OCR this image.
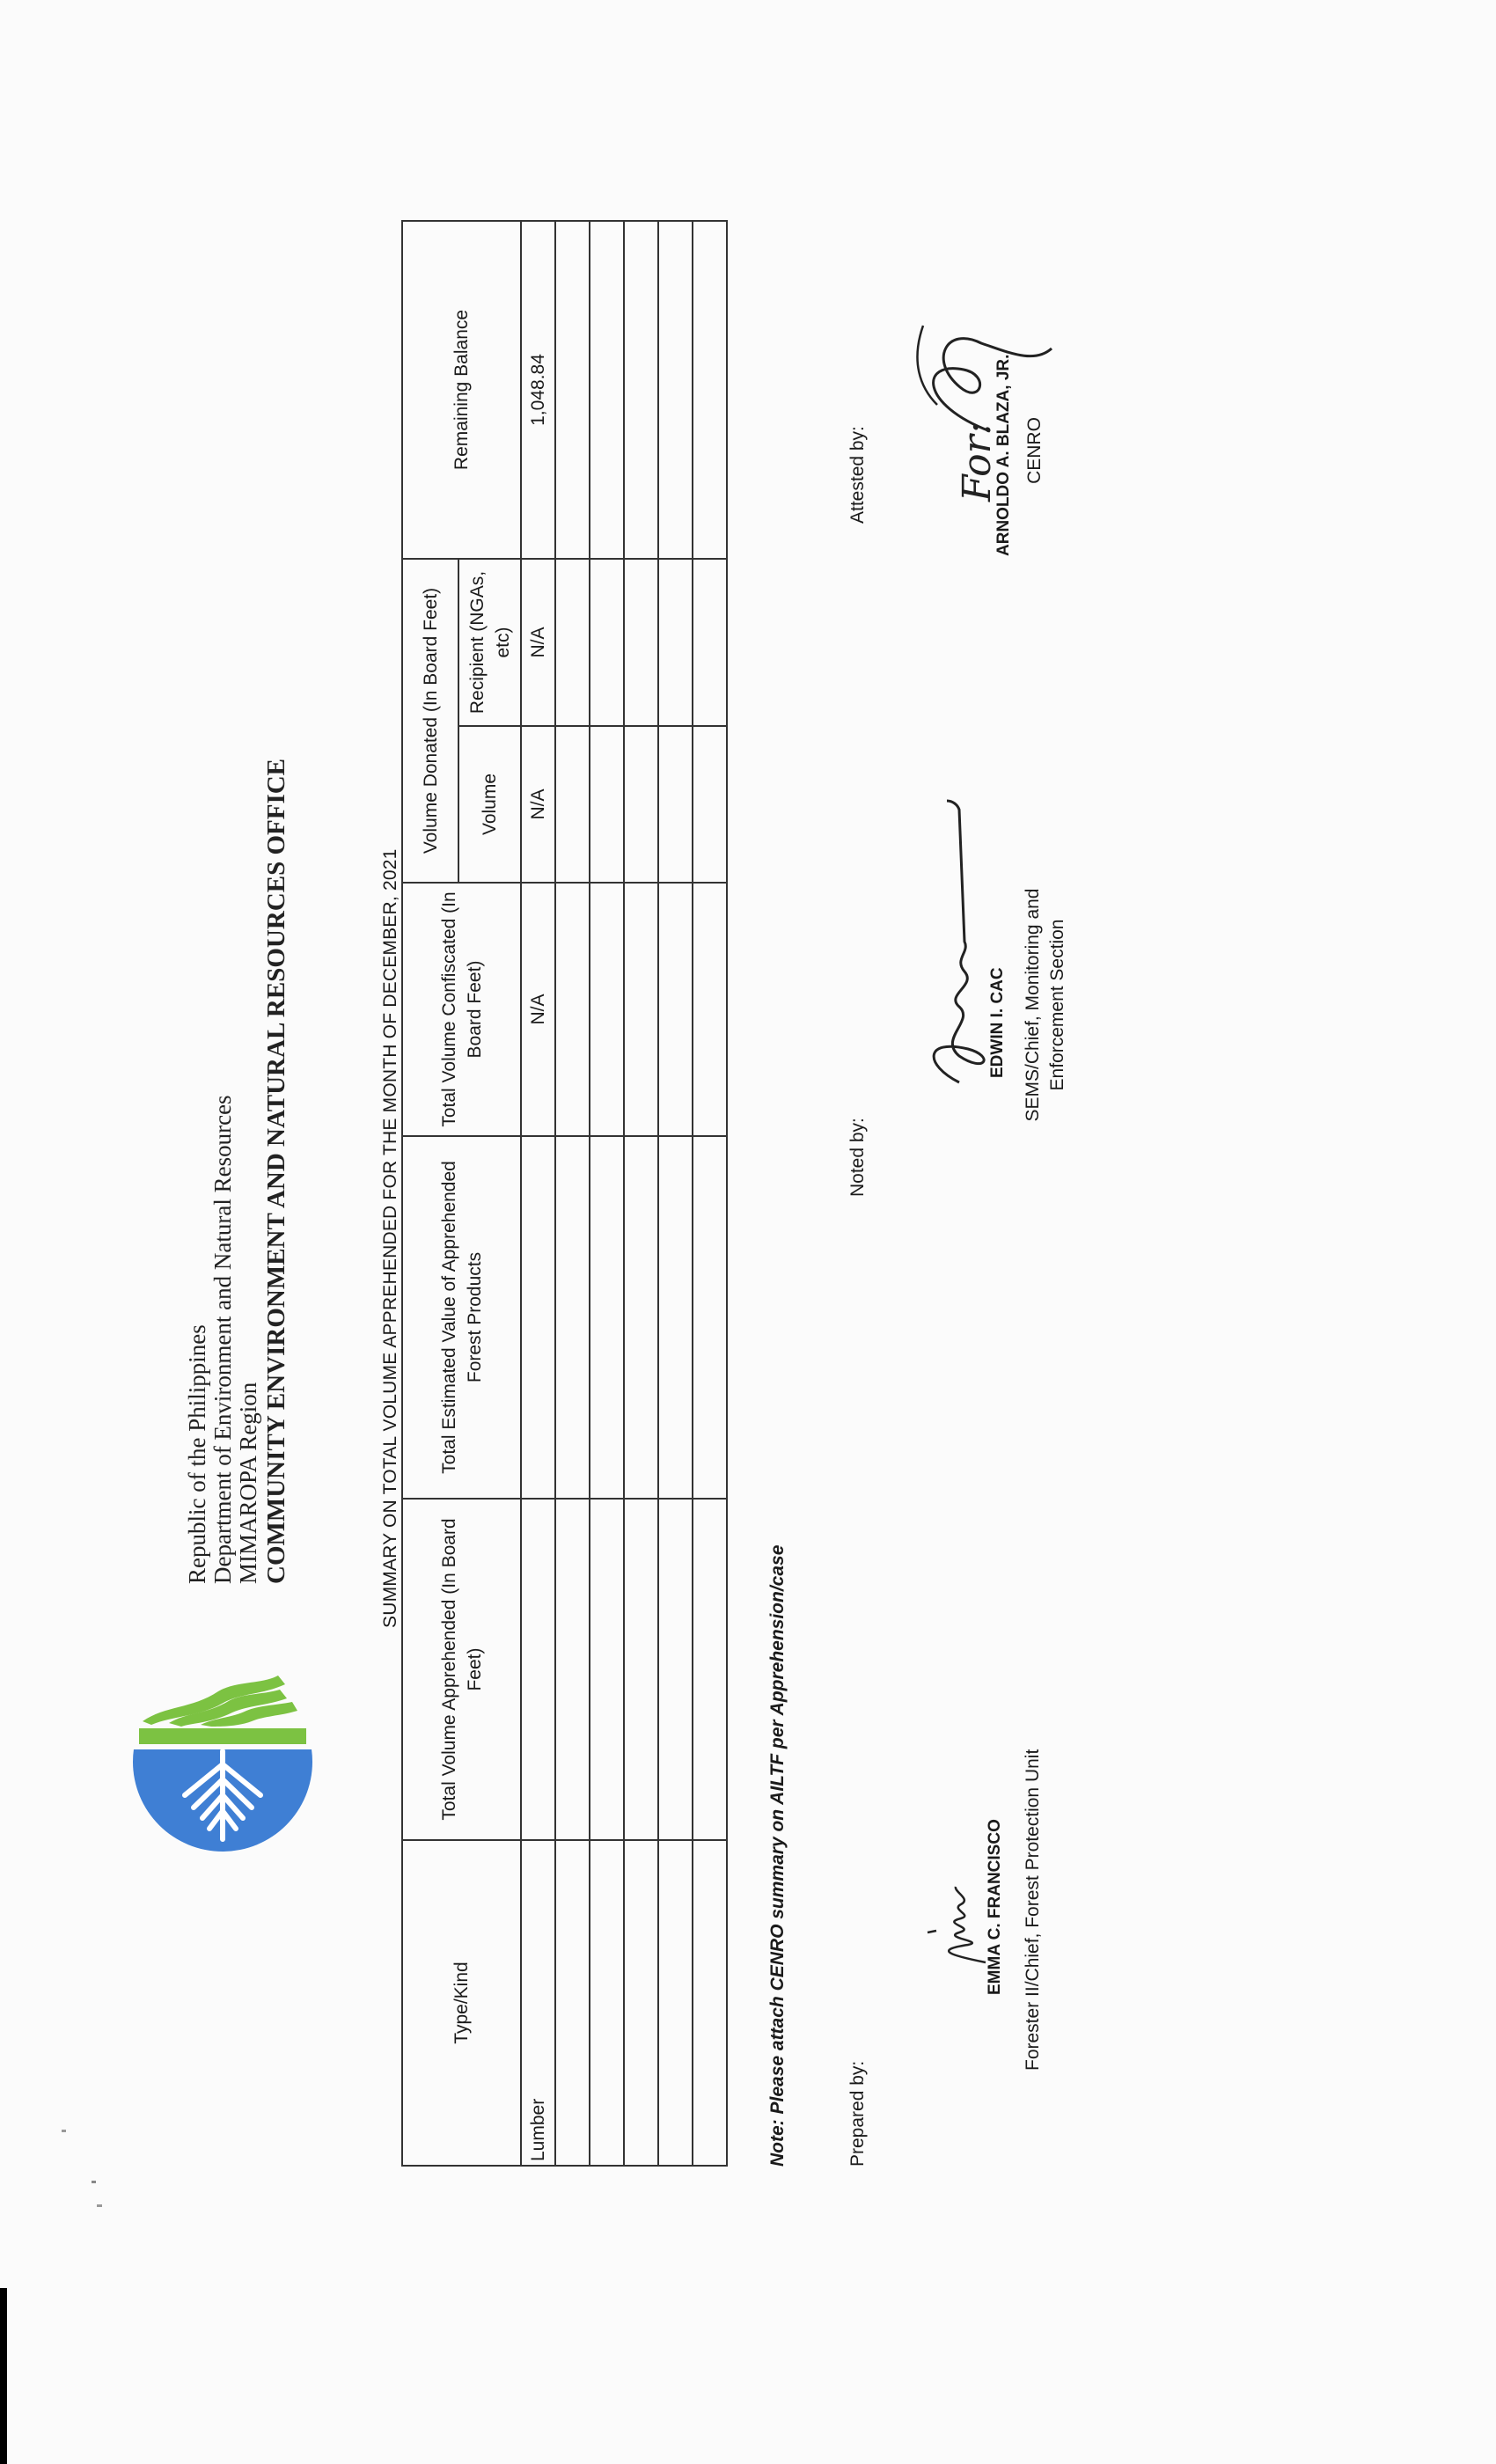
Republic of the Philippines Department of Environment and Natural Resources MIMAROPA Region COMMUNITY ENVIRONMENT AND NATURAL RESOURCES OFFICE	SUMMARY ON TOTAL VOLUME APPREHENDED FOR THE MONTH OF DECEMBER, 2021
Type/Kind	Total Volume Apprehended (In Board Feet)	Total Estimated Value of Apprehended Forest Products	Total Volume Confiscated (In Board Feet)	Volume Donated (In Board Feet)		Remaining Balance
				Volume	Recipient (NGAs, etc)	
Lumber			N/A	N/A	N/A	1,048.84

Note: Please attach CENRO summary on AILTF per Apprehension/case	Prepared by:
EMMA C. FRANCISCO Forester II/Chief, Forest Protection Unit
Noted by:
EDWIN I. CAC SEMS/Chief, Monitoring and Enforcement Section
Attested by: For:
ARNOLDO A. BLAZA, JR. CENRO
